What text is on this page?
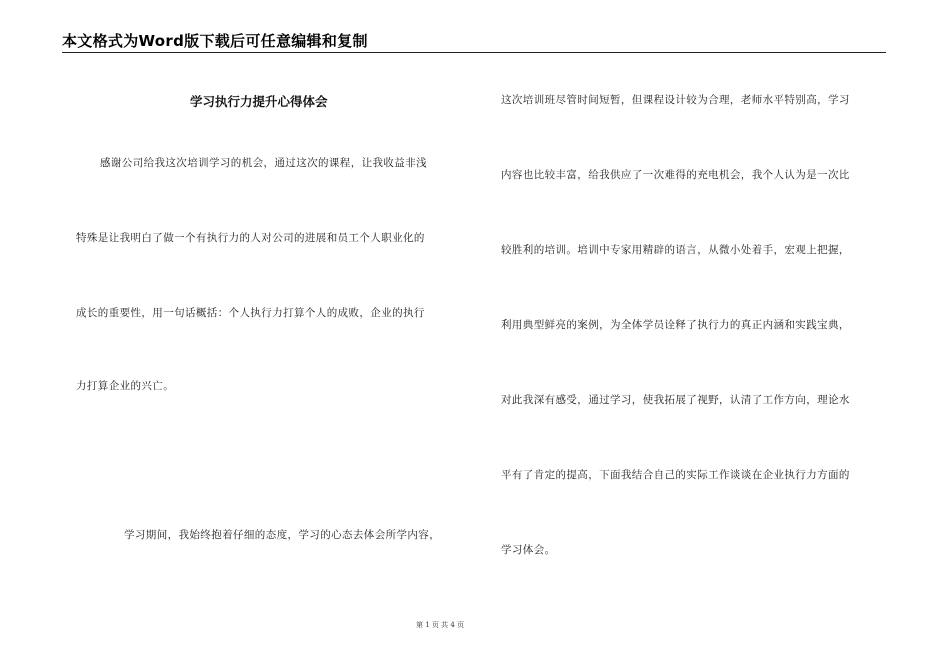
本文格式为Word版下载后可任意编辑和复制
学习执行力提升心得体会
感谢公司给我这次培训学习的机会，通过这次的课程，让我收益非浅
特殊是让我明白了做一个有执行力的人对公司的进展和员工个人职业化的
成长的重要性，用一句话概括：个人执行力打算个人的成败，企业的执行
力打算企业的兴亡。
学习期间，我始终抱着仔细的态度，学习的心态去体会所学内容，
这次培训班尽管时间短暂，但课程设计较为合理，老师水平特别高，学习
内容也比较丰富，给我供应了一次难得的充电机会，我个人认为是一次比
较胜利的培训。培训中专家用精辟的语言，从微小处着手，宏观上把握，
利用典型鲜亮的案例，为全体学员诠释了执行力的真正内涵和实践宝典，
对此我深有感受，通过学习，使我拓展了视野，认清了工作方向，理论水
平有了肯定的提高，下面我结合自己的实际工作谈谈在企业执行力方面的
学习体会。
第 1 页 共 4 页
